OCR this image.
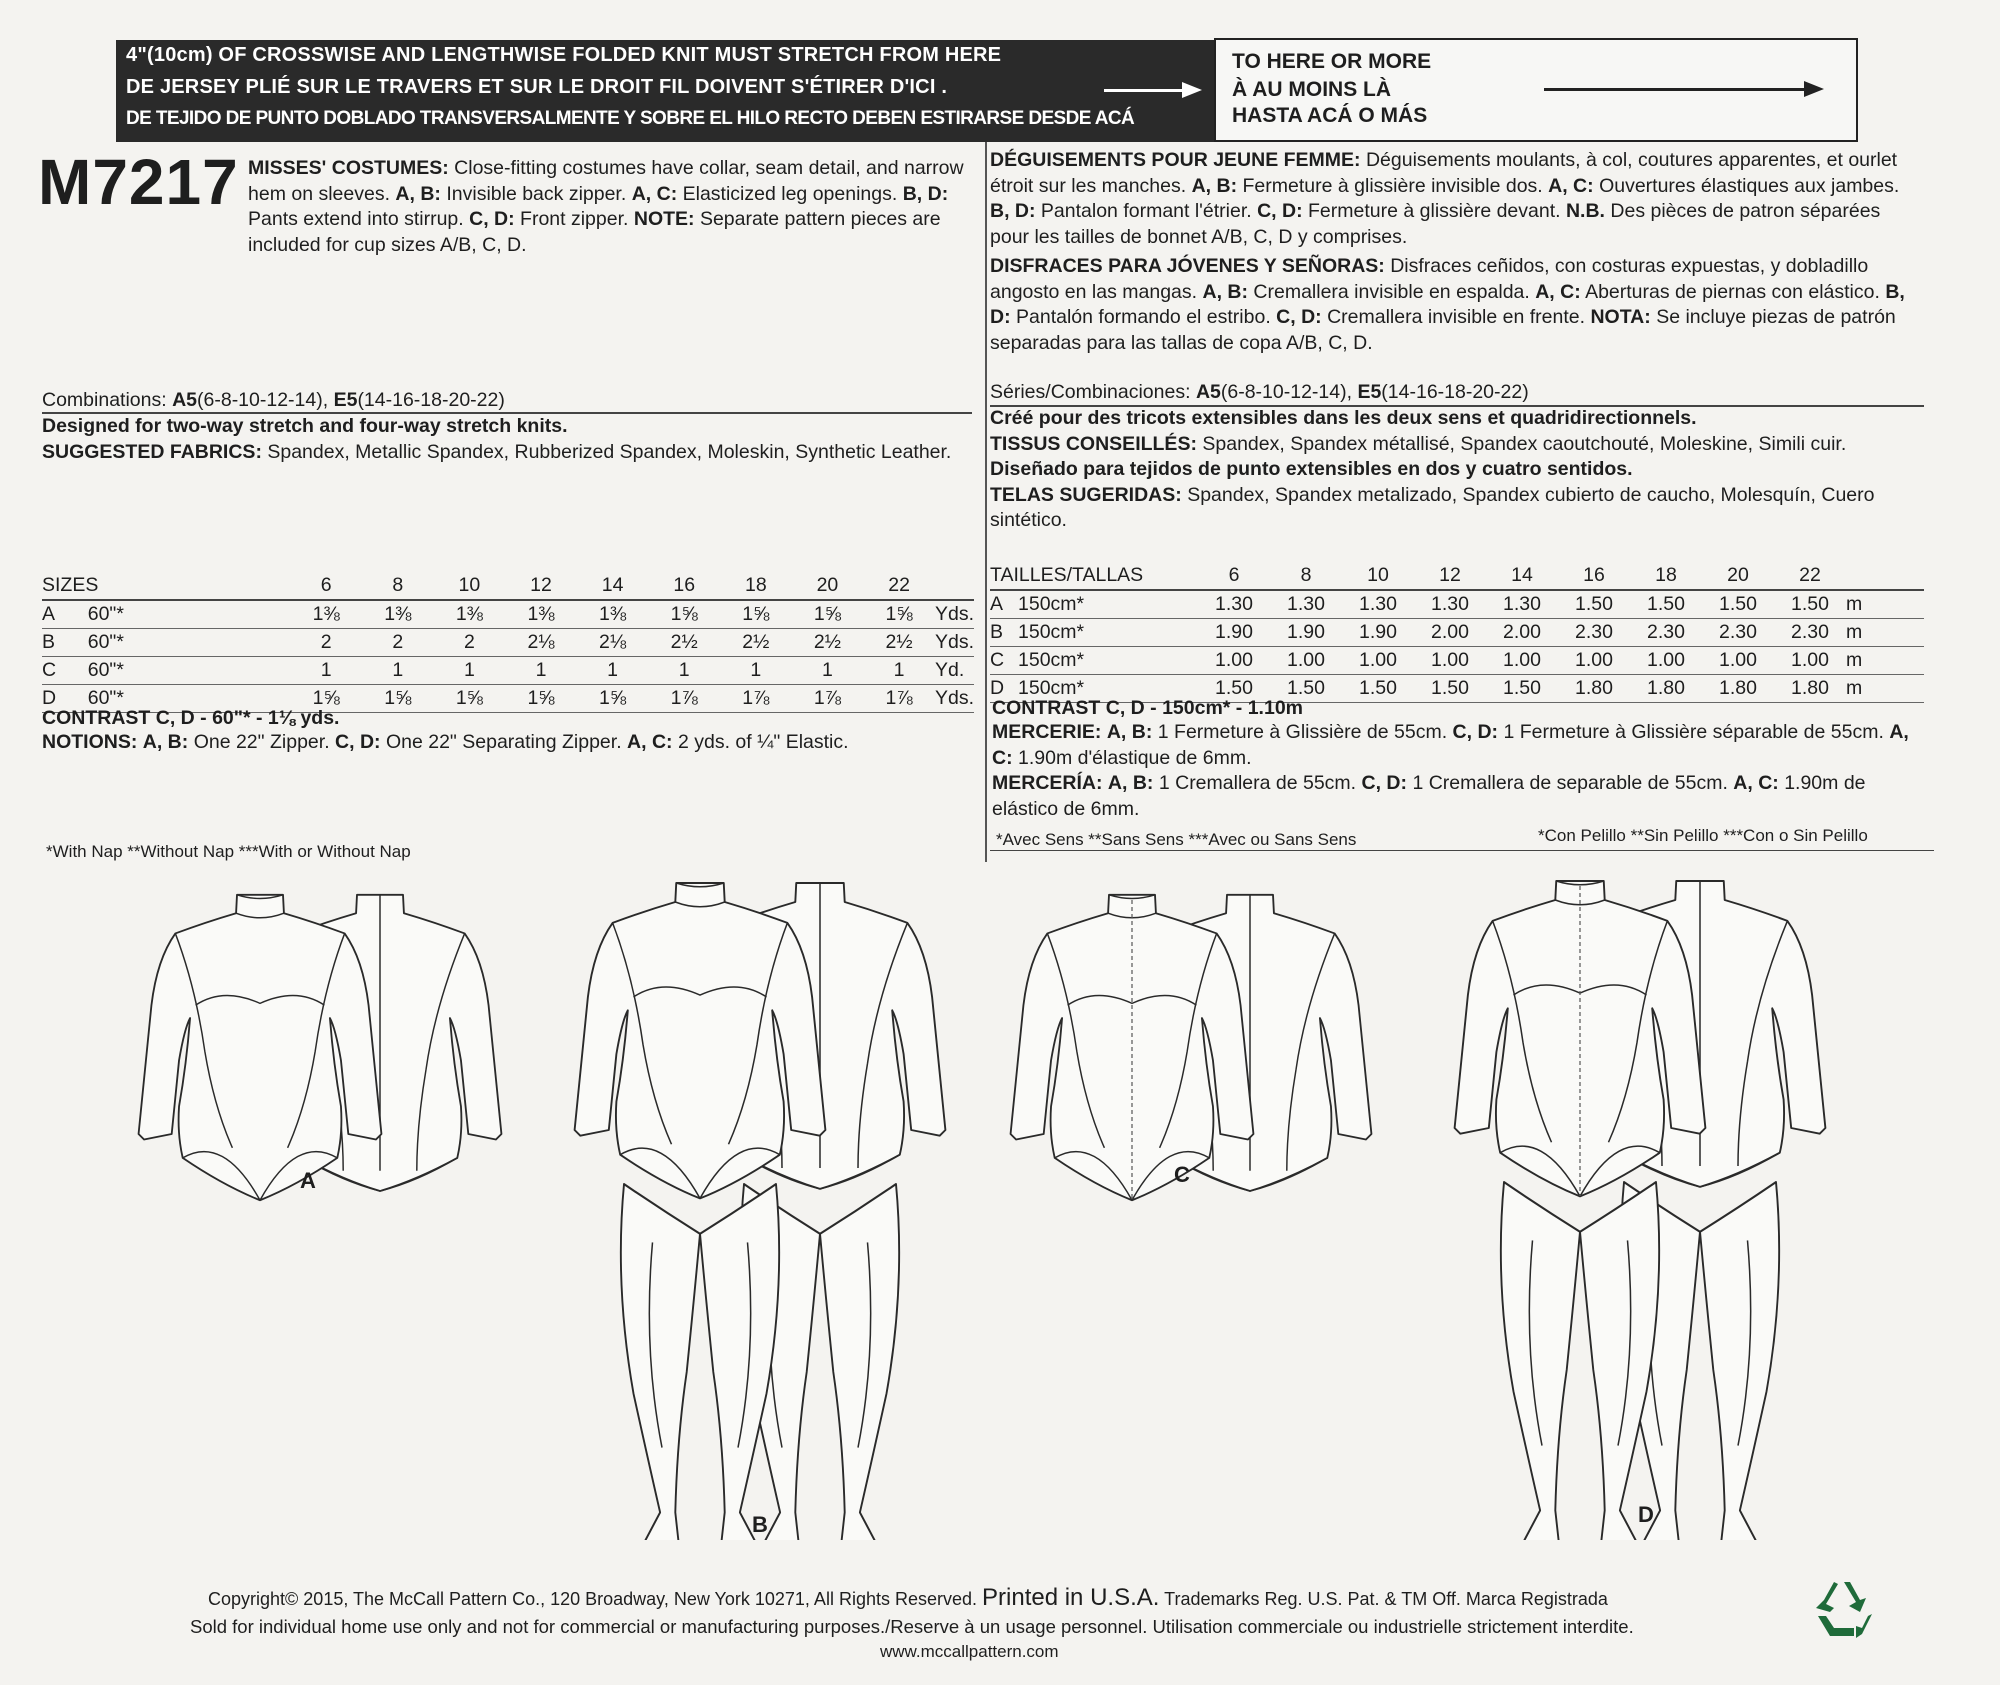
4"(10cm) OF CROSSWISE AND LENGTHWISE FOLDED KNIT MUST STRETCH FROM HERE
DE JERSEY PLIÉ SUR LE TRAVERS ET SUR LE DROIT FIL DOIVENT S'ÉTIRER D'ICI .
DE TEJIDO DE PUNTO DOBLADO TRANSVERSALMENTE Y SOBRE EL HILO RECTO DEBEN ESTIRARSE DESDE ACÁ
TO HERE OR MORE
À AU MOINS LÀ
HASTA ACÁ O MÁS
M7217 MISSES' COSTUMES: Close-fitting costumes have collar, seam detail, and narrow hem on sleeves. A, B: Invisible back zipper. A, C: Elasticized leg openings. B, D: Pants extend into stirrup. C, D: Front zipper. NOTE: Separate pattern pieces are included for cup sizes A/B, C, D.
Combinations: A5(6-8-10-12-14), E5(14-16-18-20-22)
Designed for two-way stretch and four-way stretch knits.
SUGGESTED FABRICS: Spandex, Metallic Spandex, Rubberized Spandex, Moleskin, Synthetic Leather.
SIZES		6	8	10	12	14	16	18	20	22	
A	60"*	1⅜	1⅜	1⅜	1⅜	1⅜	1⅝	1⅝	1⅝	1⅝	Yds.
B	60"*	2	2	2	2⅛	2⅛	2½	2½	2½	2½	Yds.
C	60"*	1	1	1	1	1	1	1	1	1	Yd.
D	60"*	1⅝	1⅝	1⅝	1⅝	1⅝	1⅞	1⅞	1⅞	1⅞	Yds.
CONTRAST C, D - 60"* - 1⅛ yds.
NOTIONS: A, B: One 22" Zipper. C, D: One 22" Separating Zipper. A, C: 2 yds. of ¼" Elastic.
*With Nap **Without Nap ***With or Without Nap
DÉGUISEMENTS POUR JEUNE FEMME: Déguisements moulants, à col, coutures apparentes, et ourlet étroit sur les manches. A, B: Fermeture à glissière invisible dos. A, C: Ouvertures élastiques aux jambes. B, D: Pantalon formant l'étrier. C, D: Fermeture à glissière devant. N.B. Des pièces de patron séparées pour les tailles de bonnet A/B, C, D y comprises.
DISFRACES PARA JÓVENES Y SEÑORAS: Disfraces ceñidos, con costuras expuestas, y dobladillo angosto en las mangas. A, B: Cremallera invisible en espalda. A, C: Aberturas de piernas con elástico. B, D: Pantalón formando el estribo. C, D: Cremallera invisible en frente. NOTA: Se incluye piezas de patrón separadas para las tallas de copa A/B, C, D.
Séries/Combinaciones: A5(6-8-10-12-14), E5(14-16-18-20-22)
Créé pour des tricots extensibles dans les deux sens et quadridirectionnels.
TISSUS CONSEILLÉS: Spandex, Spandex métallisé, Spandex caoutchouté, Moleskine, Simili cuir.
Diseñado para tejidos de punto extensibles en dos y cuatro sentidos.
TELAS SUGERIDAS: Spandex, Spandex metalizado, Spandex cubierto de caucho, Molesquín, Cuero sintético.
TAILLES/TALLAS		6	8	10	12	14	16	18	20	22	
A	150cm*	1.30	1.30	1.30	1.30	1.30	1.50	1.50	1.50	1.50	m
B	150cm*	1.90	1.90	1.90	2.00	2.00	2.30	2.30	2.30	2.30	m
C	150cm*	1.00	1.00	1.00	1.00	1.00	1.00	1.00	1.00	1.00	m
D	150cm*	1.50	1.50	1.50	1.50	1.50	1.80	1.80	1.80	1.80	m
CONTRAST C, D - 150cm* - 1.10m
MERCERIE: A, B: 1 Fermeture à Glissière de 55cm. C, D: 1 Fermeture à Glissière séparable de 55cm. A, C: 1.90m d'élastique de 6mm.
MERCERÍA: A, B: 1 Cremallera de 55cm. C, D: 1 Cremallera de separable de 55cm. A, C: 1.90m de elástico de 6mm.
*Avec Sens **Sans Sens ***Avec ou Sans Sens	*Con Pelillo **Sin Pelillo ***Con o Sin Pelillo
A
B
C
D
Copyright© 2015, The McCall Pattern Co., 120 Broadway, New York 10271, All Rights Reserved. Printed in U.S.A. Trademarks Reg. U.S. Pat. & TM Off. Marca Registrada
Sold for individual home use only and not for commercial or manufacturing purposes./Reserve à un usage personnel. Utilisation commerciale ou industrielle strictement interdite.
www.mccallpattern.com
